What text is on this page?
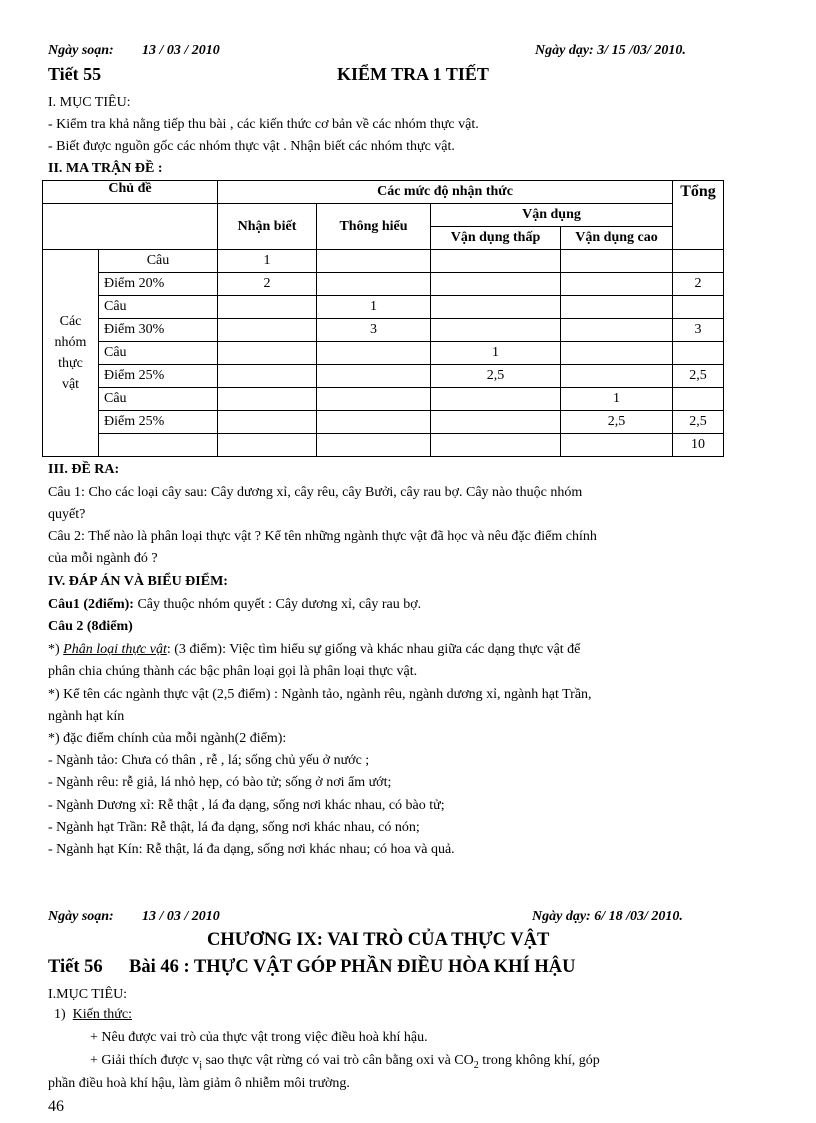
Ngày soạn: 13 / 03 / 2010	Ngày dạy: 3/ 15 /03/ 2010.
Tiết 55	KIỂM TRA 1 TIẾT
I. MỤC TIÊU:
- Kiểm tra khả nằng tiếp thu bài , các kiến thức cơ bản về các nhóm thực vật.
- Biết được nguồn gốc các nhóm thực vật . Nhận biết các nhóm thực vật.
II. MA TRẬN ĐỀ :
Chủ đề		Các mức độ nhận thức				Tổng
		Nhận biết	Thông hiểu	Vận dụng		
				Vận dụng thấp	Vận dụng cao	

Các
nhóm
thực
vật	Câu	1				
	Điểm 20%	2				2
	Câu		1			
	Điểm 30%		3			3
	Câu			1		
	Điểm 25%			2,5		2,5
	Câu				1	
	Điểm 25%				2,5	2,5
						10
III. ĐỀ RA:
Câu 1: Cho các loại cây sau: Cây dương xỉ, cây rêu, cây Bưởi, cây rau bợ. Cây nào thuộc nhóm
quyết?
Câu 2: Thế nào là phân loại thực vật ? Kể tên những ngành thực vật đã học và nêu đặc điểm chính
của mỗi ngành đó ?
IV. ĐÁP ÁN VÀ BIỂU ĐIỂM:
Câu1 (2điểm): Cây thuộc nhóm quyết : Cây dương xỉ, cây rau bợ.
Câu 2 (8điểm)
*) Phân loại thực vật: (3 điểm): Việc tìm hiểu sự giống và khác nhau giữa các dạng thực vật để
phân chia chúng thành các bậc phân loại gọi là phân loại thực vật.
*) Kể tên các ngành thực vật (2,5 điểm) : Ngành tảo, ngành rêu, ngành dương xỉ, ngành hạt Trần,
ngành hạt kín
*) đặc điểm chính của mỗi ngành(2 điểm):
- Ngành tảo: Chưa có thân , rễ , lá; sống chủ yếu ở nước ;
- Ngành rêu: rễ giả, lá nhỏ hẹp, có bào tử; sống ở nơi ẩm ướt;
- Ngành Dương xỉ: Rễ thật , lá đa dạng, sống nơi khác nhau, có bào tử;
- Ngành hạt Trần: Rễ thật, lá đa dạng, sống nơi khác nhau, có nón;
- Ngành hạt Kín: Rễ thật, lá đa dạng, sống nơi khác nhau; có hoa và quả.
Ngày soạn: 13 / 03 / 2010	Ngày dạy: 6/ 18 /03/ 2010.
CHƯƠNG IX: VAI TRÒ CỦA THỰC VẬT
Tiết 56 Bài 46 : THỰC VẬT GÓP PHẦN ĐIỀU HÒA KHÍ HẬU
I.MỤC TIÊU:
1) Kiến thức:
+ Nêu được vai trò của thực vật trong việc điều hoà khí hậu.
+ Giải thích được $v_ị$ sao thực vật rừng có vai trò cân bằng oxi và $CO_2$ trong không khí, góp
phần điều hoà khí hậu, làm giảm ô nhiễm môi trường.
46
